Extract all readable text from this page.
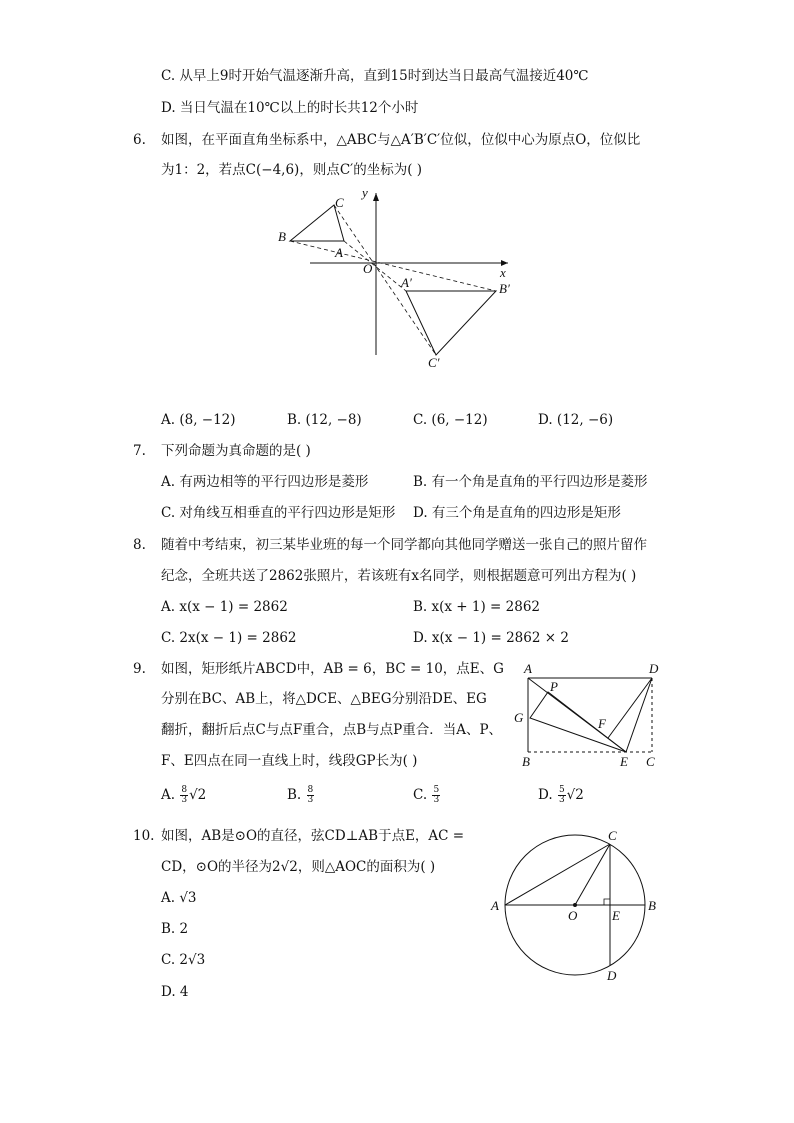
C. 从早上9时开始气温逐渐升高，直到15时到达当日最高气温接近40℃
D. 当日气温在10℃以上的时长共12个小时
6. 如图，在平面直角坐标系中，△ABC与△A′B′C′位似，位似中心为原点O，位似比
为1：2，若点C(−4,6)，则点C′的坐标为( )
B
C
A
O	x
y
A′	B′
C′
A. (8, −12)	B. (12, −8)	C. (6, −12)	D. (12, −6)
7. 下列命题为真命题的是( )
A. 有两边相等的平行四边形是菱形	B. 有一个角是直角的平行四边形是菱形
C. 对角线互相垂直的平行四边形是矩形 D. 有三个角是直角的四边形是矩形
8. 随着中考结束，初三某毕业班的每一个同学都向其他同学赠送一张自己的照片留作
纪念，全班共送了2862张照片，若该班有x名同学，则根据题意可列出方程为( )
A. x(x − 1) = 2862	B. x(x + 1) = 2862
C. 2x(x − 1) = 2862	D. x(x − 1) = 2862 × 2
9. 如图，矩形纸片ABCD中，AB = 6，BC = 10，点E、G
分别在BC、AB上，将△DCE、△BEG分别沿DE、EG
翻折，翻折后点C与点F重合，点B与点P重合．当A、P、
F、E四点在同一直线上时，线段GP长为( )
A	D
P
G	F
B	E C
A. $\frac{8}{3} √2$	B. $\frac{8}{3}$	C. $\frac{5}{3}$	D. $\frac{5}{3} √2$
10. 如图，AB是⊙O的直径，弦CD⊥AB于点E，AC =
CD，⊙O的半径为2√2，则△AOC的面积为( )
A. √3
B. 2
C. 2√3
D. 4
A	B
C
D
E
O
